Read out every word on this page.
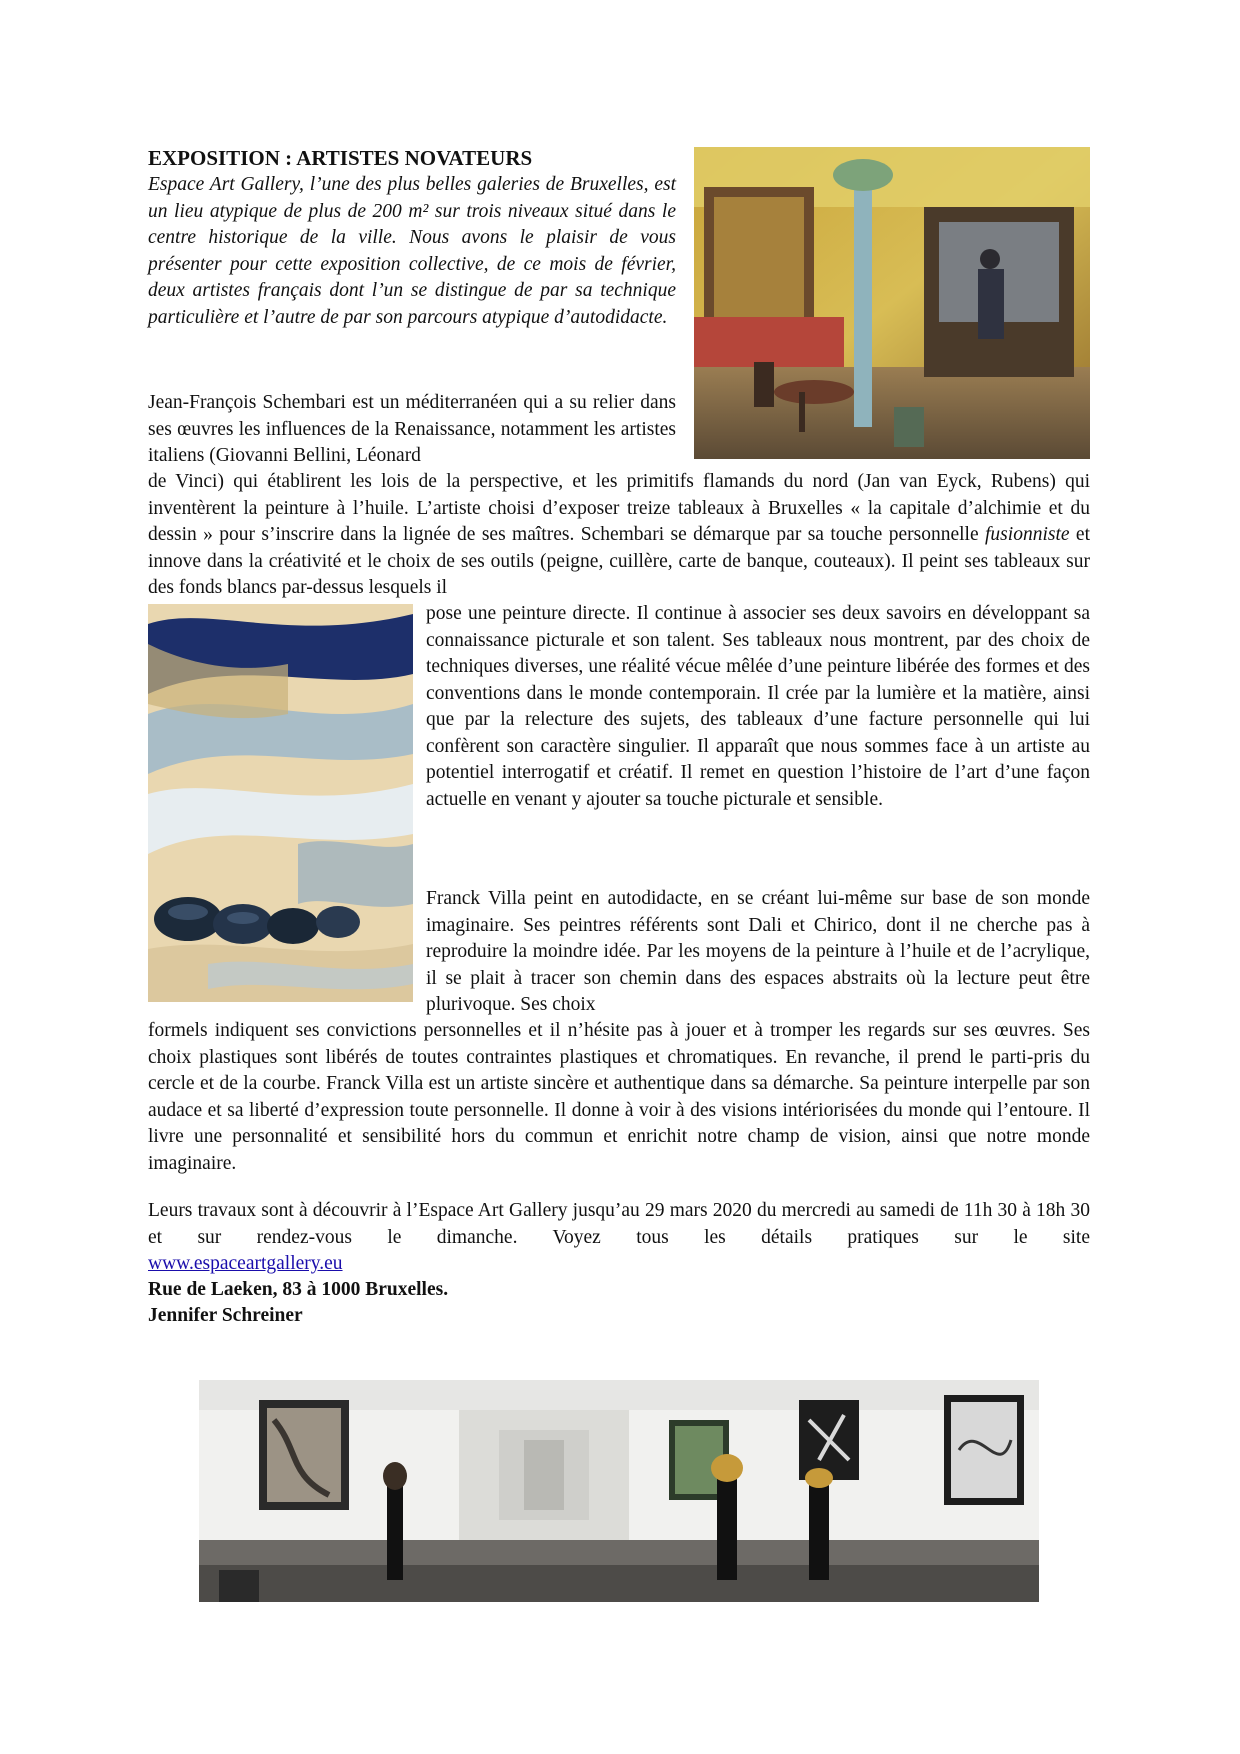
EXPOSITION : ARTISTES NOVATEURS

Espace Art Gallery, l’une des plus belles galeries de Bruxelles, est un lieu atypique de plus de 200 m² sur trois niveaux situé dans le centre historique de la ville. Nous avons le plaisir de vous présenter pour cette exposition collective, de ce mois de février, deux artistes français dont l’un se distingue de par sa technique particulière et l’autre de par son parcours atypique d’autodidacte.

Jean-François Schembari est un méditerranéen qui a su relier dans ses œuvres les influences de la Renaissance, notamment les artistes italiens (Giovanni Bellini, Léonard

de Vinci) qui établirent les lois de la perspective, et les primitifs flamands du nord (Jan van Eyck, Rubens) qui inventèrent la peinture à l’huile. L’artiste choisi d’exposer treize tableaux à Bruxelles « la capitale d’alchimie et du dessin » pour s’inscrire dans la lignée de ses maîtres. Schembari se démarque par sa touche personnelle fusionniste et innove dans la créativité et le choix de ses outils (peigne, cuillère, carte de banque, couteaux). Il peint ses tableaux sur des fonds blancs par-dessus lesquels il

pose une peinture directe. Il continue à associer ses deux savoirs en développant sa connaissance picturale et son talent. Ses tableaux nous montrent, par des choix de techniques diverses, une réalité vécue mêlée d’une peinture libérée des formes et des conventions dans le monde contemporain. Il crée par la lumière et la matière, ainsi que par la relecture des sujets, des tableaux d’une facture personnelle qui lui confèrent son caractère singulier. Il apparaît que nous sommes face à un artiste au potentiel interrogatif et créatif. Il remet en question l’histoire de l’art d’une façon actuelle en venant y ajouter sa touche picturale et sensible.

Franck Villa peint en autodidacte, en se créant lui-même sur base de son monde imaginaire. Ses peintres référents sont Dali et Chirico, dont il ne cherche pas à reproduire la moindre idée. Par les moyens de la peinture à l’huile et de l’acrylique, il se plait à tracer son chemin dans des espaces abstraits où la lecture peut être plurivoque. Ses choix

formels indiquent ses convictions personnelles et il n’hésite pas à jouer et à tromper les regards sur ses œuvres. Ses choix plastiques sont libérés de toutes contraintes plastiques et chromatiques. En revanche, il prend le parti-pris du cercle et de la courbe. Franck Villa est un artiste sincère et authentique dans sa démarche. Sa peinture interpelle par son audace et sa liberté d’expression toute personnelle. Il donne à voir à des visions intériorisées du monde qui l’entoure. Il livre une personnalité et sensibilité hors du commun et enrichit notre champ de vision, ainsi que notre monde imaginaire.

Leurs travaux sont à découvrir à l’Espace Art Gallery jusqu’au 29 mars 2020 du mercredi au samedi de 11h 30 à 18h 30 et sur rendez-vous le dimanche. Voyez tous les détails pratiques sur le site

www.espaceartgallery.eu
Rue de Laeken, 83 à 1000 Bruxelles.
Jennifer Schreiner
